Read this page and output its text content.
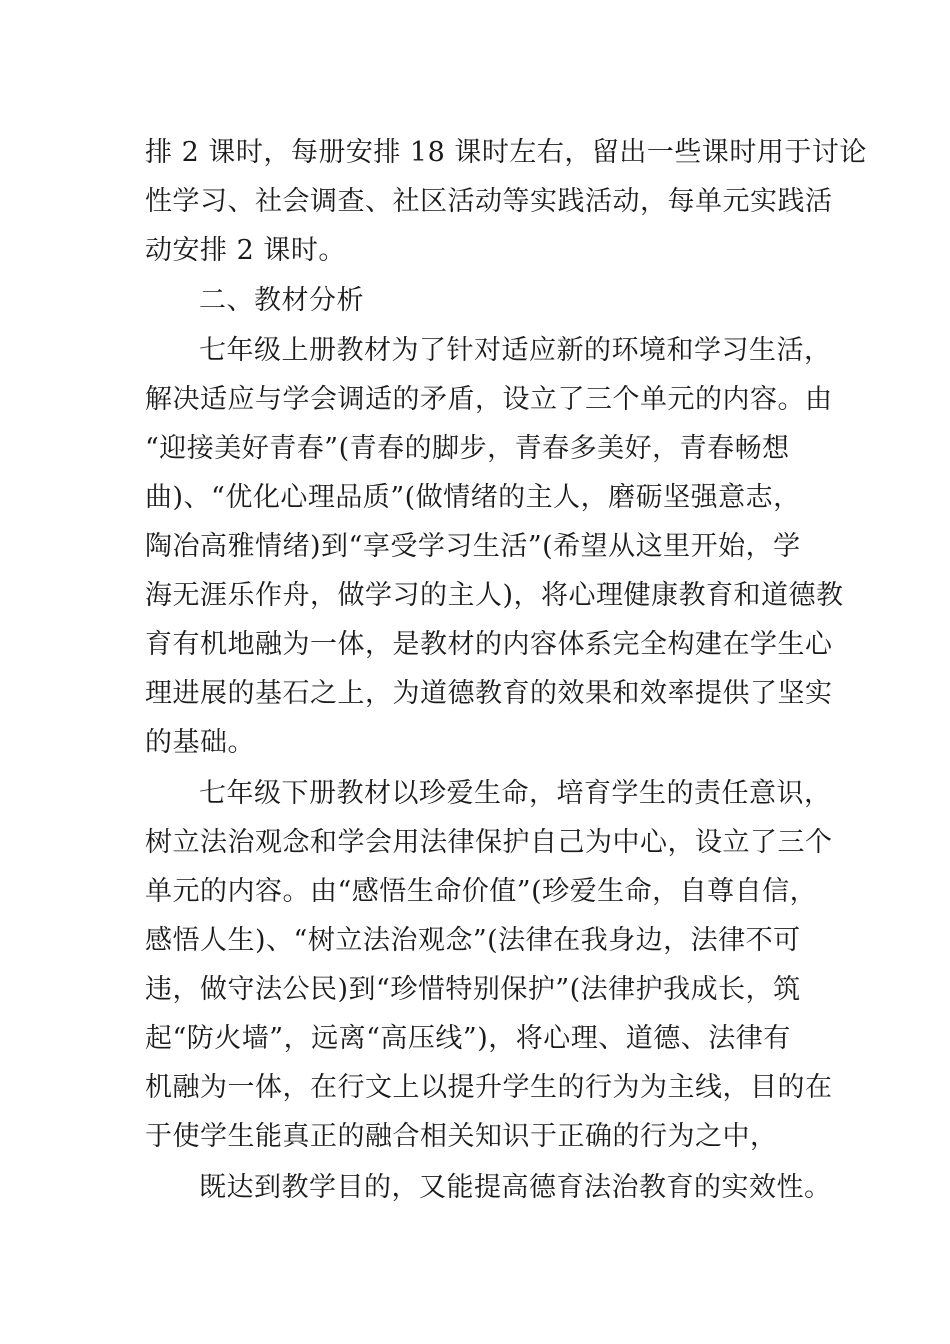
排 2 课时，每册安排 18 课时左右，留出一些课时用于讨论
性学习、社会调查、社区活动等实践活动，每单元实践活
动安排 2 课时。
二、教材分析
七年级上册教材为了针对适应新的环境和学习生活，
解决适应与学会调适的矛盾，设立了三个单元的内容。由
“迎接美好青春”(青春的脚步，青春多美好，青春畅想
曲)、“优化心理品质”(做情绪的主人，磨砺坚强意志，
陶冶高雅情绪)到“享受学习生活”(希望从这里开始，学
海无涯乐作舟，做学习的主人)，将心理健康教育和道德教
育有机地融为一体，是教材的内容体系完全构建在学生心
理进展的基石之上，为道德教育的效果和效率提供了坚实
的基础。
七年级下册教材以珍爱生命，培育学生的责任意识，
树立法治观念和学会用法律保护自己为中心，设立了三个
单元的内容。由“感悟生命价值”(珍爱生命，自尊自信，
感悟人生)、“树立法治观念”(法律在我身边，法律不可
违，做守法公民)到“珍惜特别保护”(法律护我成长，筑
起“防火墙”，远离“高压线”)，将心理、道德、法律有
机融为一体，在行文上以提升学生的行为为主线，目的在
于使学生能真正的融合相关知识于正确的行为之中，
既达到教学目的，又能提高德育法治教育的实效性。
